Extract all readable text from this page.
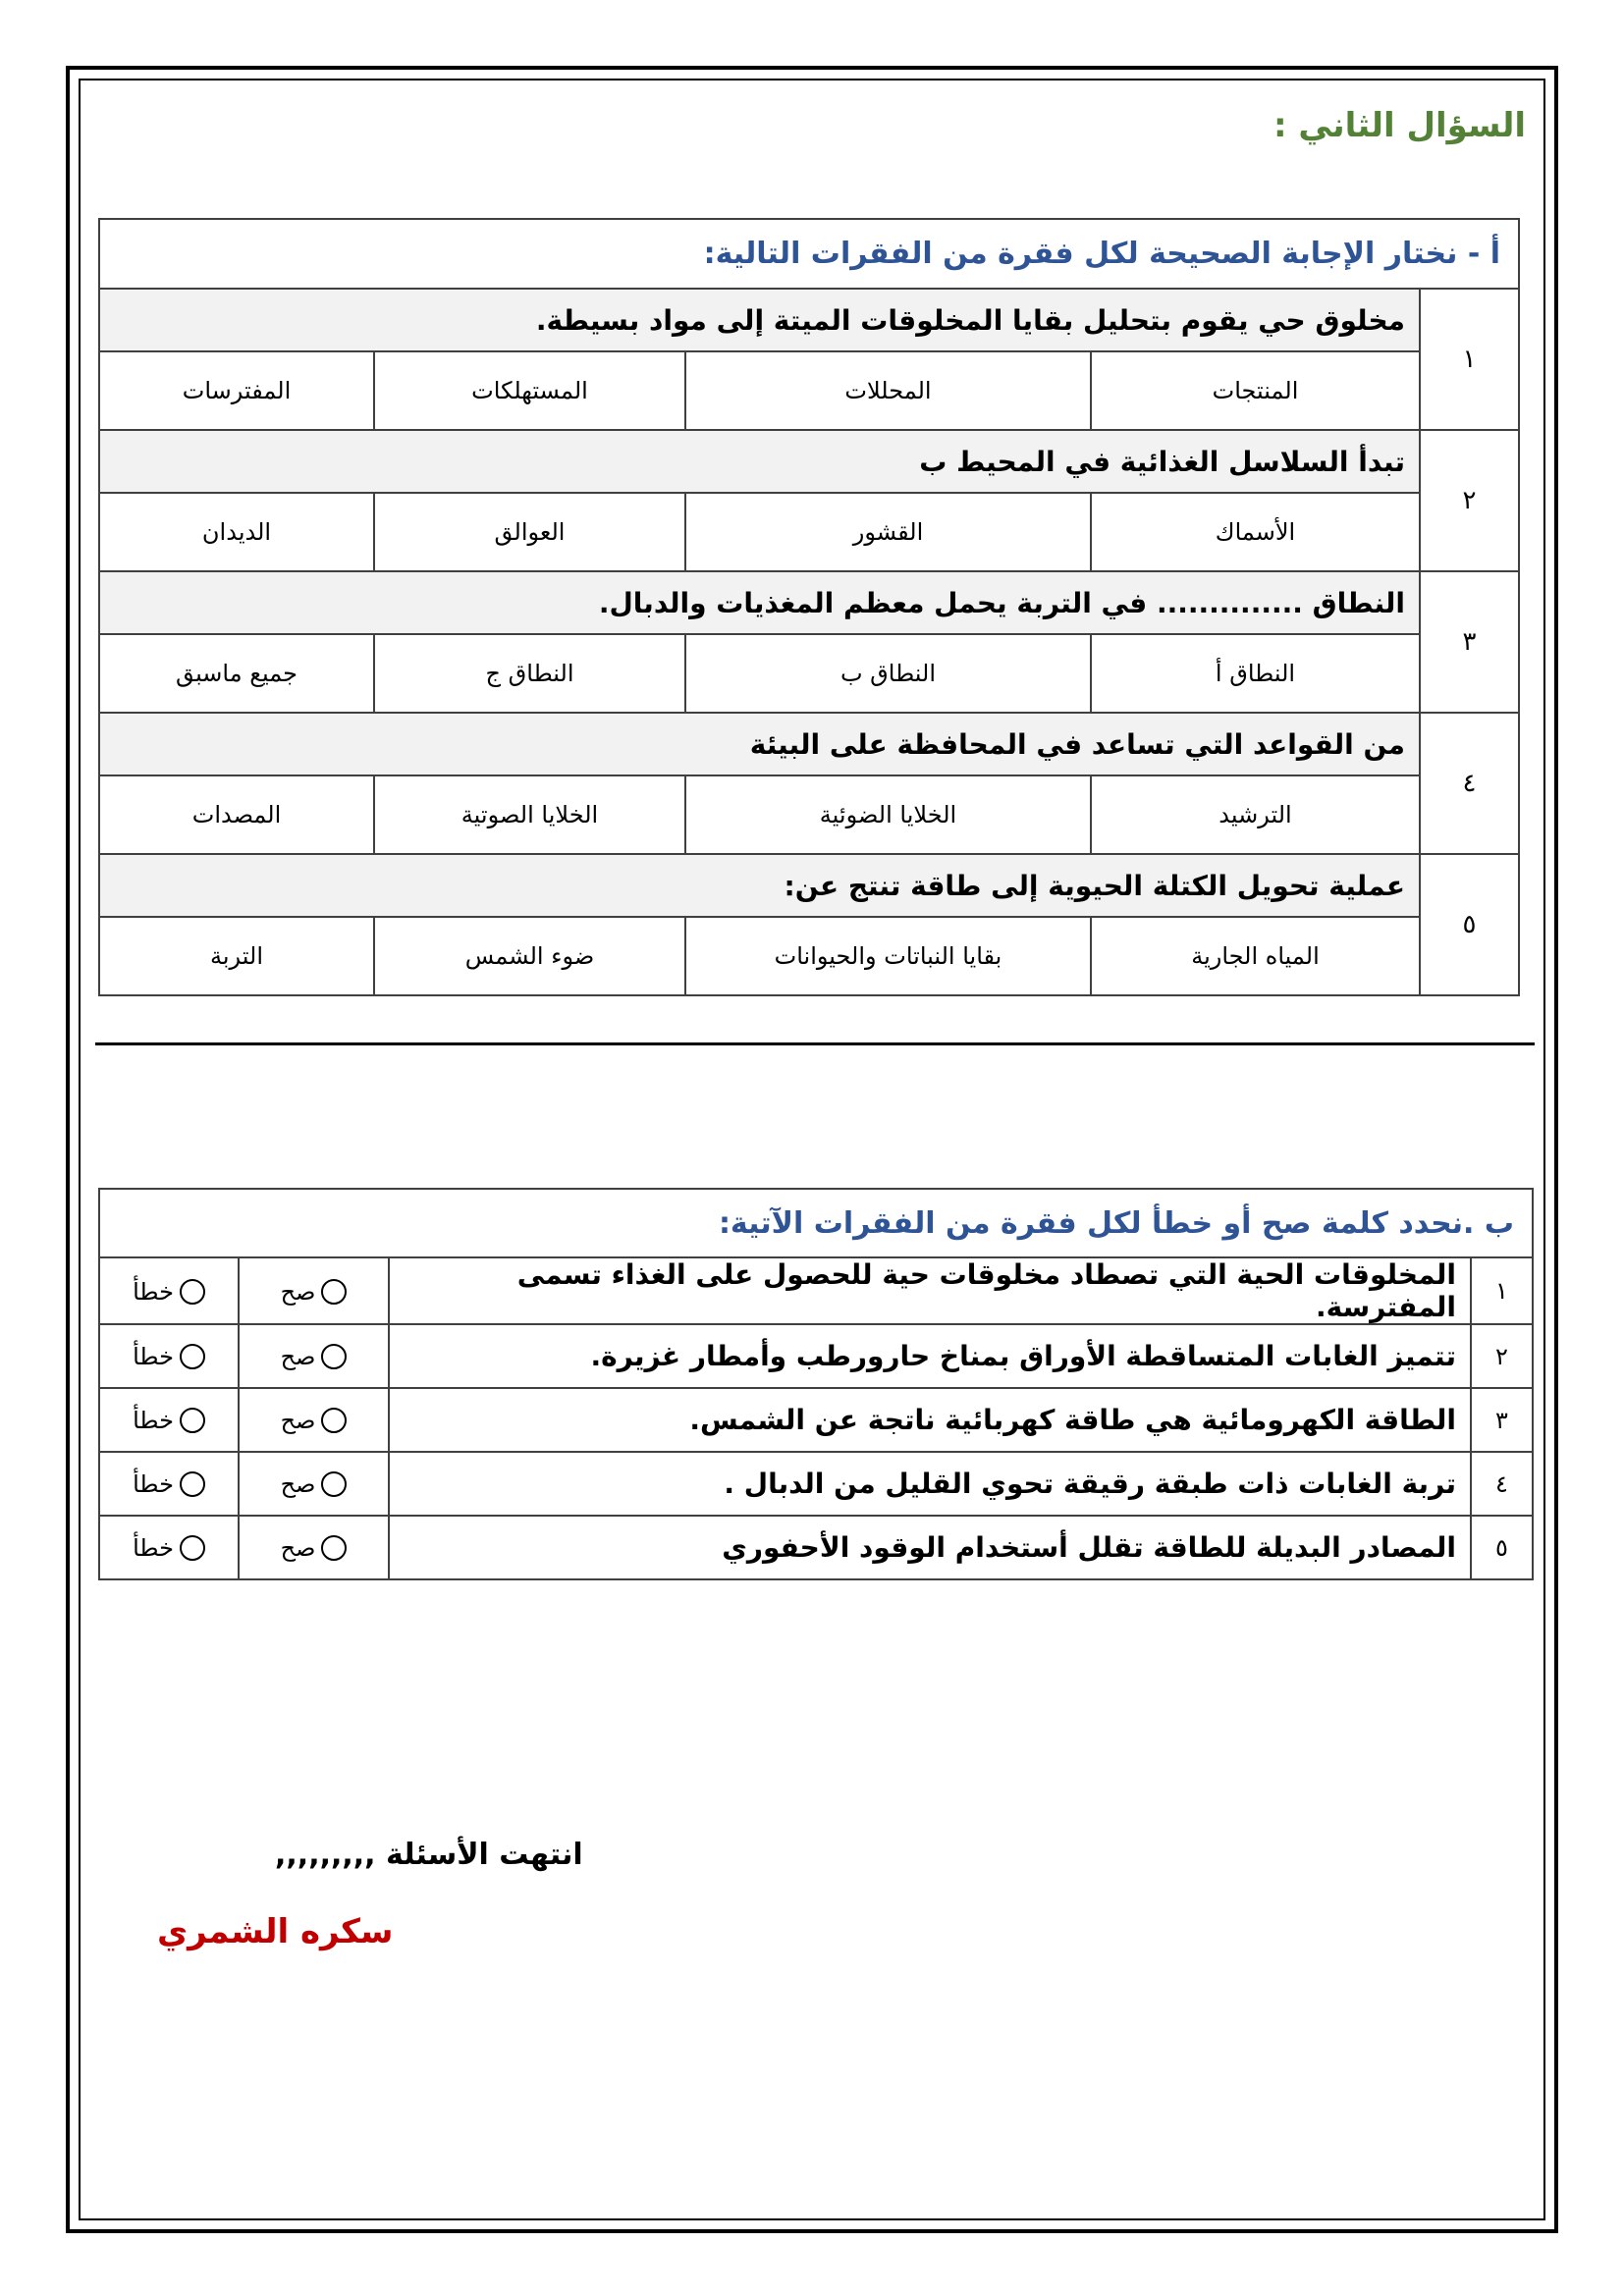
السؤال الثاني :
أ - نختار الإجابة الصحيحة لكل فقرة من الفقرات التالية:				
١	مخلوق حي يقوم بتحليل بقايا المخلوقات الميتة إلى مواد بسيطة.			
	المنتجات	المحللات	المستهلكات	المفترسات
٢	تبدأ السلاسل الغذائية في المحيط ب			
	الأسماك	القشور	العوالق	الديدان
٣	النطاق .............. في التربة يحمل معظم المغذيات والدبال.			
	النطاق أ	النطاق ب	النطاق ج	جميع ماسبق
٤	من القواعد التي تساعد في المحافظة على البيئة			
	الترشيد	الخلايا الضوئية	الخلايا الصوتية	المصدات
٥	عملية تحويل الكتلة الحيوية إلى طاقة تنتج عن:			
	المياه الجارية	بقايا النباتات والحيوانات	ضوء الشمس	التربة
ب .نحدد كلمة صح أو خطأ لكل فقرة من الفقرات الآتية:			
١	المخلوقات الحية التي تصطاد مخلوقات حية للحصول على الغذاء تسمى المفترسة.	صح	خطأ
٢	تتميز الغابات المتساقطة الأوراق بمناخ حارورطب وأمطار غزيرة.	صح	خطأ
٣	الطاقة الكهرومائية هي طاقة كهربائية ناتجة عن الشمس.	صح	خطأ
٤	تربة الغابات ذات طبقة رقيقة تحوي القليل من الدبال .	صح	خطأ
٥	المصادر البديلة للطاقة تقلل أستخدام الوقود الأحفوري	صح	خطأ
انتهت الأسئلة ,,,,,,,,,
سكره الشمري
